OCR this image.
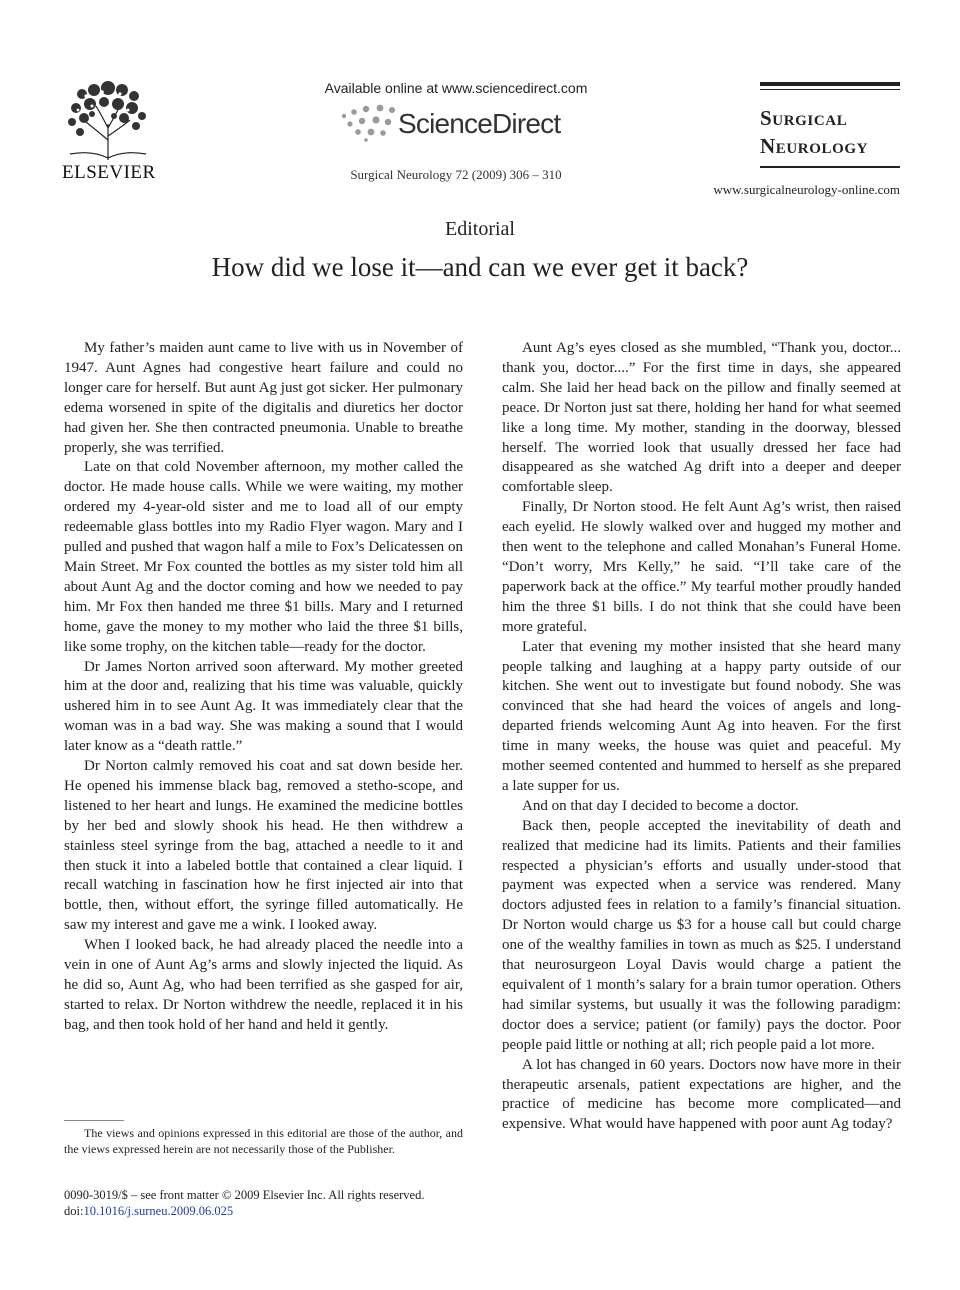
ELSEVIER
Available online at www.sciencedirect.com
ScienceDirect
Surgical Neurology 72 (2009) 306 – 310
Surgical
Neurology
www.surgicalneurology-online.com
Editorial
How did we lose it—and can we ever get it back?

My father’s maiden aunt came to live with us in November of 1947. Aunt Agnes had congestive heart failure and could no longer care for herself. But aunt Ag just got sicker. Her pulmonary edema worsened in spite of the digitalis and diuretics her doctor had given her. She then contracted pneumonia. Unable to breathe properly, she was terrified.

Late on that cold November afternoon, my mother called the doctor. He made house calls. While we were waiting, my mother ordered my 4-year-old sister and me to load all of our empty redeemable glass bottles into my Radio Flyer wagon. Mary and I pulled and pushed that wagon half a mile to Fox’s Delicatessen on Main Street. Mr Fox counted the bottles as my sister told him all about Aunt Ag and the doctor coming and how we needed to pay him. Mr Fox then handed me three $1 bills. Mary and I returned home, gave the money to my mother who laid the three $1 bills, like some trophy, on the kitchen table—ready for the doctor.

Dr James Norton arrived soon afterward. My mother greeted him at the door and, realizing that his time was valuable, quickly ushered him in to see Aunt Ag. It was immediately clear that the woman was in a bad way. She was making a sound that I would later know as a “death rattle.”

Dr Norton calmly removed his coat and sat down beside her. He opened his immense black bag, removed a stetho-scope, and listened to her heart and lungs. He examined the medicine bottles by her bed and slowly shook his head. He then withdrew a stainless steel syringe from the bag, attached a needle to it and then stuck it into a labeled bottle that contained a clear liquid. I recall watching in fascination how he first injected air into that bottle, then, without effort, the syringe filled automatically. He saw my interest and gave me a wink. I looked away.

When I looked back, he had already placed the needle into a vein in one of Aunt Ag’s arms and slowly injected the liquid. As he did so, Aunt Ag, who had been terrified as she gasped for air, started to relax. Dr Norton withdrew the needle, replaced it in his bag, and then took hold of her hand and held it gently.

Aunt Ag’s eyes closed as she mumbled, “Thank you, doctor... thank you, doctor....” For the first time in days, she appeared calm. She laid her head back on the pillow and finally seemed at peace. Dr Norton just sat there, holding her hand for what seemed like a long time. My mother, standing in the doorway, blessed herself. The worried look that usually dressed her face had disappeared as she watched Ag drift into a deeper and deeper comfortable sleep.

Finally, Dr Norton stood. He felt Aunt Ag’s wrist, then raised each eyelid. He slowly walked over and hugged my mother and then went to the telephone and called Monahan’s Funeral Home. “Don’t worry, Mrs Kelly,” he said. “I’ll take care of the paperwork back at the office.” My tearful mother proudly handed him the three $1 bills. I do not think that she could have been more grateful.

Later that evening my mother insisted that she heard many people talking and laughing at a happy party outside of our kitchen. She went out to investigate but found nobody. She was convinced that she had heard the voices of angels and long-departed friends welcoming Aunt Ag into heaven. For the first time in many weeks, the house was quiet and peaceful. My mother seemed contented and hummed to herself as she prepared a late supper for us.

And on that day I decided to become a doctor.

Back then, people accepted the inevitability of death and realized that medicine had its limits. Patients and their families respected a physician’s efforts and usually under-stood that payment was expected when a service was rendered. Many doctors adjusted fees in relation to a family’s financial situation. Dr Norton would charge us $3 for a house call but could charge one of the wealthy families in town as much as $25. I understand that neurosurgeon Loyal Davis would charge a patient the equivalent of 1 month’s salary for a brain tumor operation. Others had similar systems, but usually it was the following paradigm: doctor does a service; patient (or family) pays the doctor. Poor people paid little or nothing at all; rich people paid a lot more.

A lot has changed in 60 years. Doctors now have more in their therapeutic arsenals, patient expectations are higher, and the practice of medicine has become more complicated—and expensive. What would have happened with poor aunt Ag today?

The views and opinions expressed in this editorial are those of the author, and the views expressed herein are not necessarily those of the Publisher.
0090-3019/$ – see front matter © 2009 Elsevier Inc. All rights reserved.
doi:10.1016/j.surneu.2009.06.025
